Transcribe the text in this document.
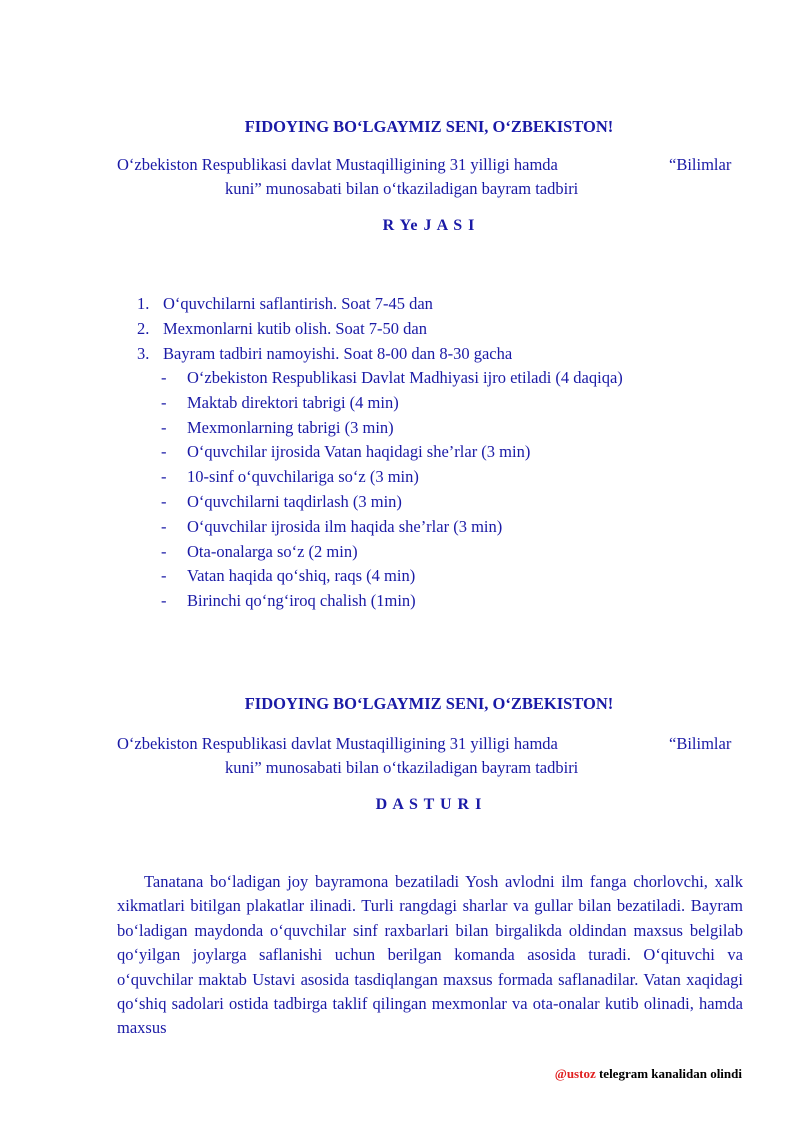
FIDOYING BO‘LGAYMIZ SENI, O‘ZBEKISTON!
O‘zbekiston Respublikasi davlat Mustaqilligining 31 yilligi hamda	“Bilimlar
kuni” munosabati bilan o‘tkaziladigan bayram tadbiri
R Ye J A S I
1. O‘quvchilarni saflantirish. Soat 7-45 dan
2. Mexmonlarni kutib olish. Soat 7-50 dan
3. Bayram tadbiri namoyishi. Soat 8-00 dan 8-30 gacha
- O‘zbekiston Respublikasi Davlat Madhiyasi ijro etiladi (4 daqiqa)
- Maktab direktori tabrigi (4 min)
- Mexmonlarning tabrigi (3 min)
- O‘quvchilar ijrosida Vatan haqidagi she’rlar (3 min)
- 10-sinf o‘quvchilariga so‘z (3 min)
- O‘quvchilarni taqdirlash (3 min)
- O‘quvchilar ijrosida ilm haqida she’rlar (3 min)
- Ota-onalarga so‘z (2 min)
- Vatan haqida qo‘shiq, raqs (4 min)
- Birinchi qo‘ng‘iroq chalish (1min)
FIDOYING BO‘LGAYMIZ SENI, O‘ZBEKISTON!
O‘zbekiston Respublikasi davlat Mustaqilligining 31 yilligi hamda	“Bilimlar
kuni” munosabati bilan o‘tkaziladigan bayram tadbiri
D A S T U R I
Tanatana bo‘ladigan joy bayramona bezatiladi Yosh avlodni ilm fanga chorlovchi, xalk xikmatlari bitilgan plakatlar ilinadi. Turli rangdagi sharlar va gullar bilan bezatiladi. Bayram bo‘ladigan maydonda o‘quvchilar sinf raxbarlari bilan birgalikda oldindan maxsus belgilab qo‘yilgan joylarga saflanishi uchun berilgan komanda asosida turadi. O‘qituvchi va o‘quvchilar maktab Ustavi asosida tasdiqlangan maxsus formada saflanadilar. Vatan xaqidagi qo‘shiq sadolari ostida tadbirga taklif qilingan mexmonlar va ota-onalar kutib olinadi, hamda maxsus
@ustoz telegram kanalidan olindi
